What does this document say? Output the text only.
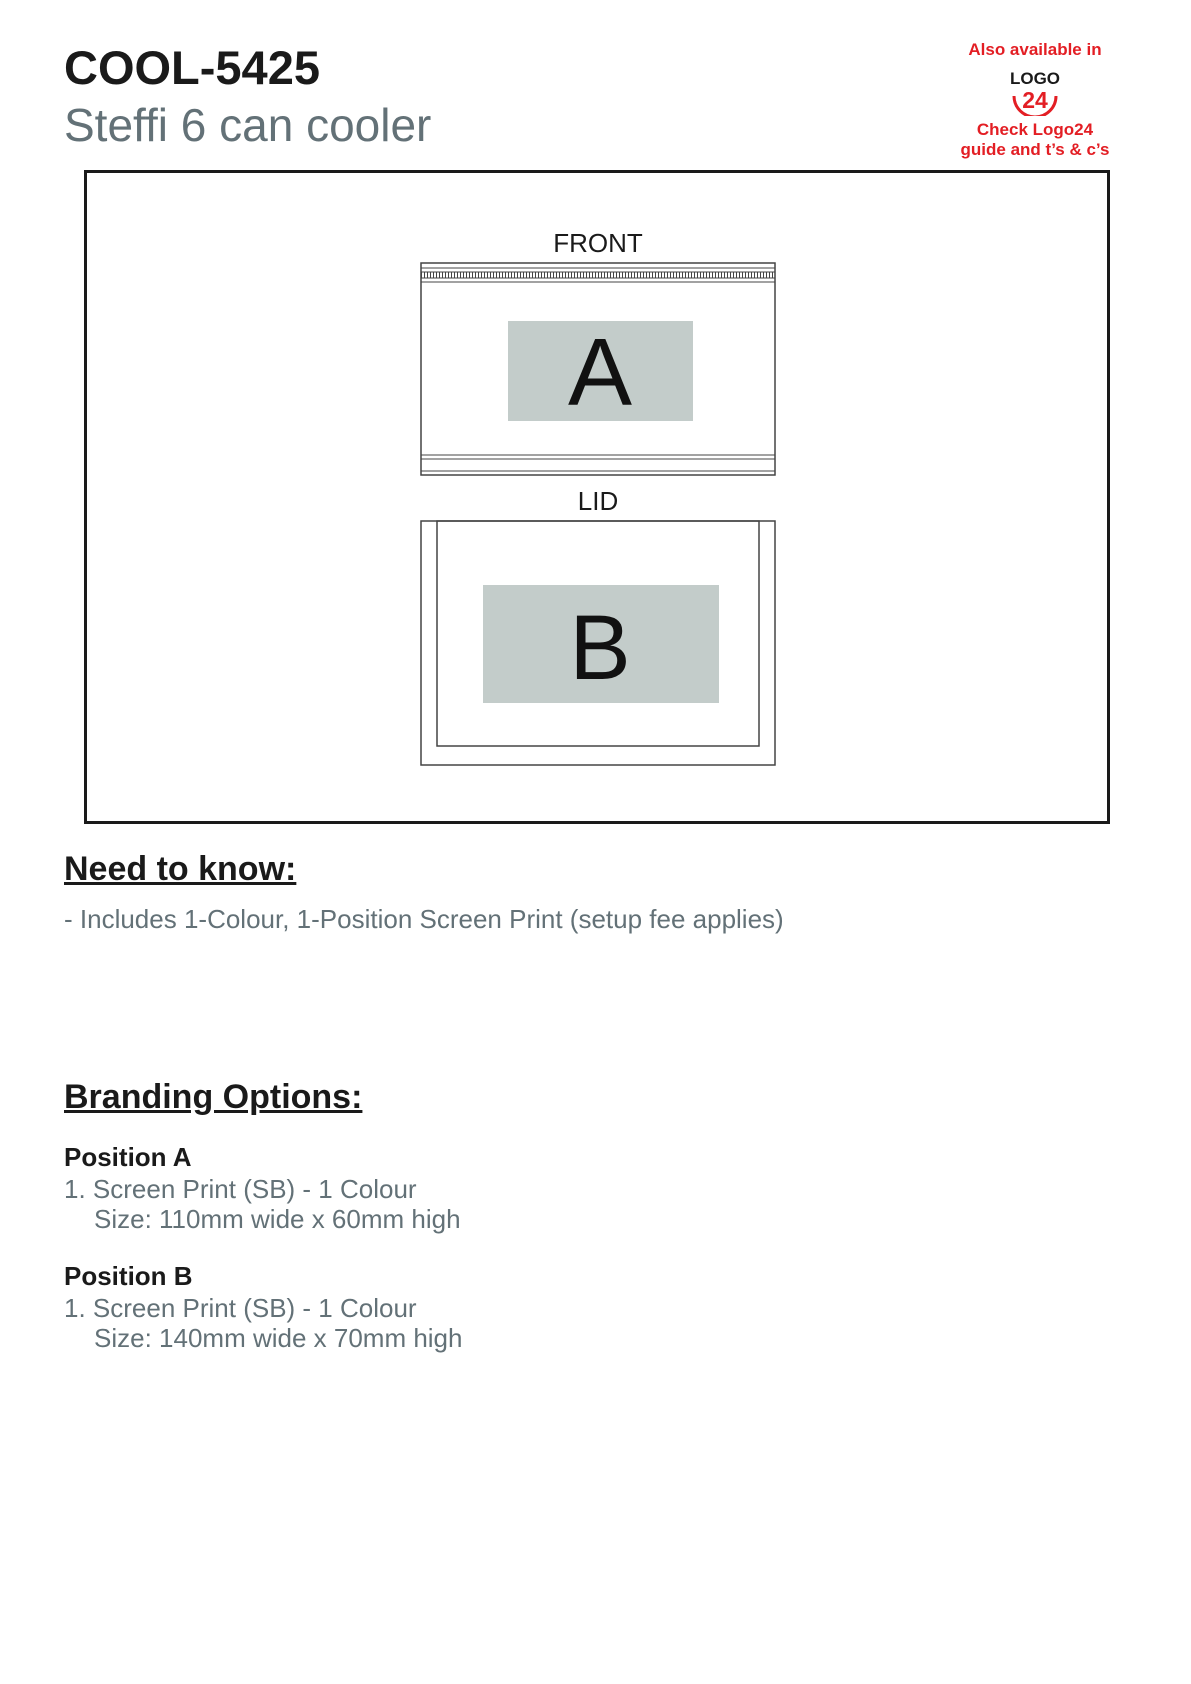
COOL-5425
Steffi 6 can cooler
Also available in
LOGO
24
Check Logo24
guide and t’s & c’s
FRONT
A
LID
B
Need to know:
- Includes 1-Colour, 1-Position Screen Print (setup fee applies)
Branding Options:
Position A
1. Screen Print (SB) - 1 Colour
Size: 110mm wide x 60mm high
Position B
1. Screen Print (SB) - 1 Colour
Size: 140mm wide x 70mm high
